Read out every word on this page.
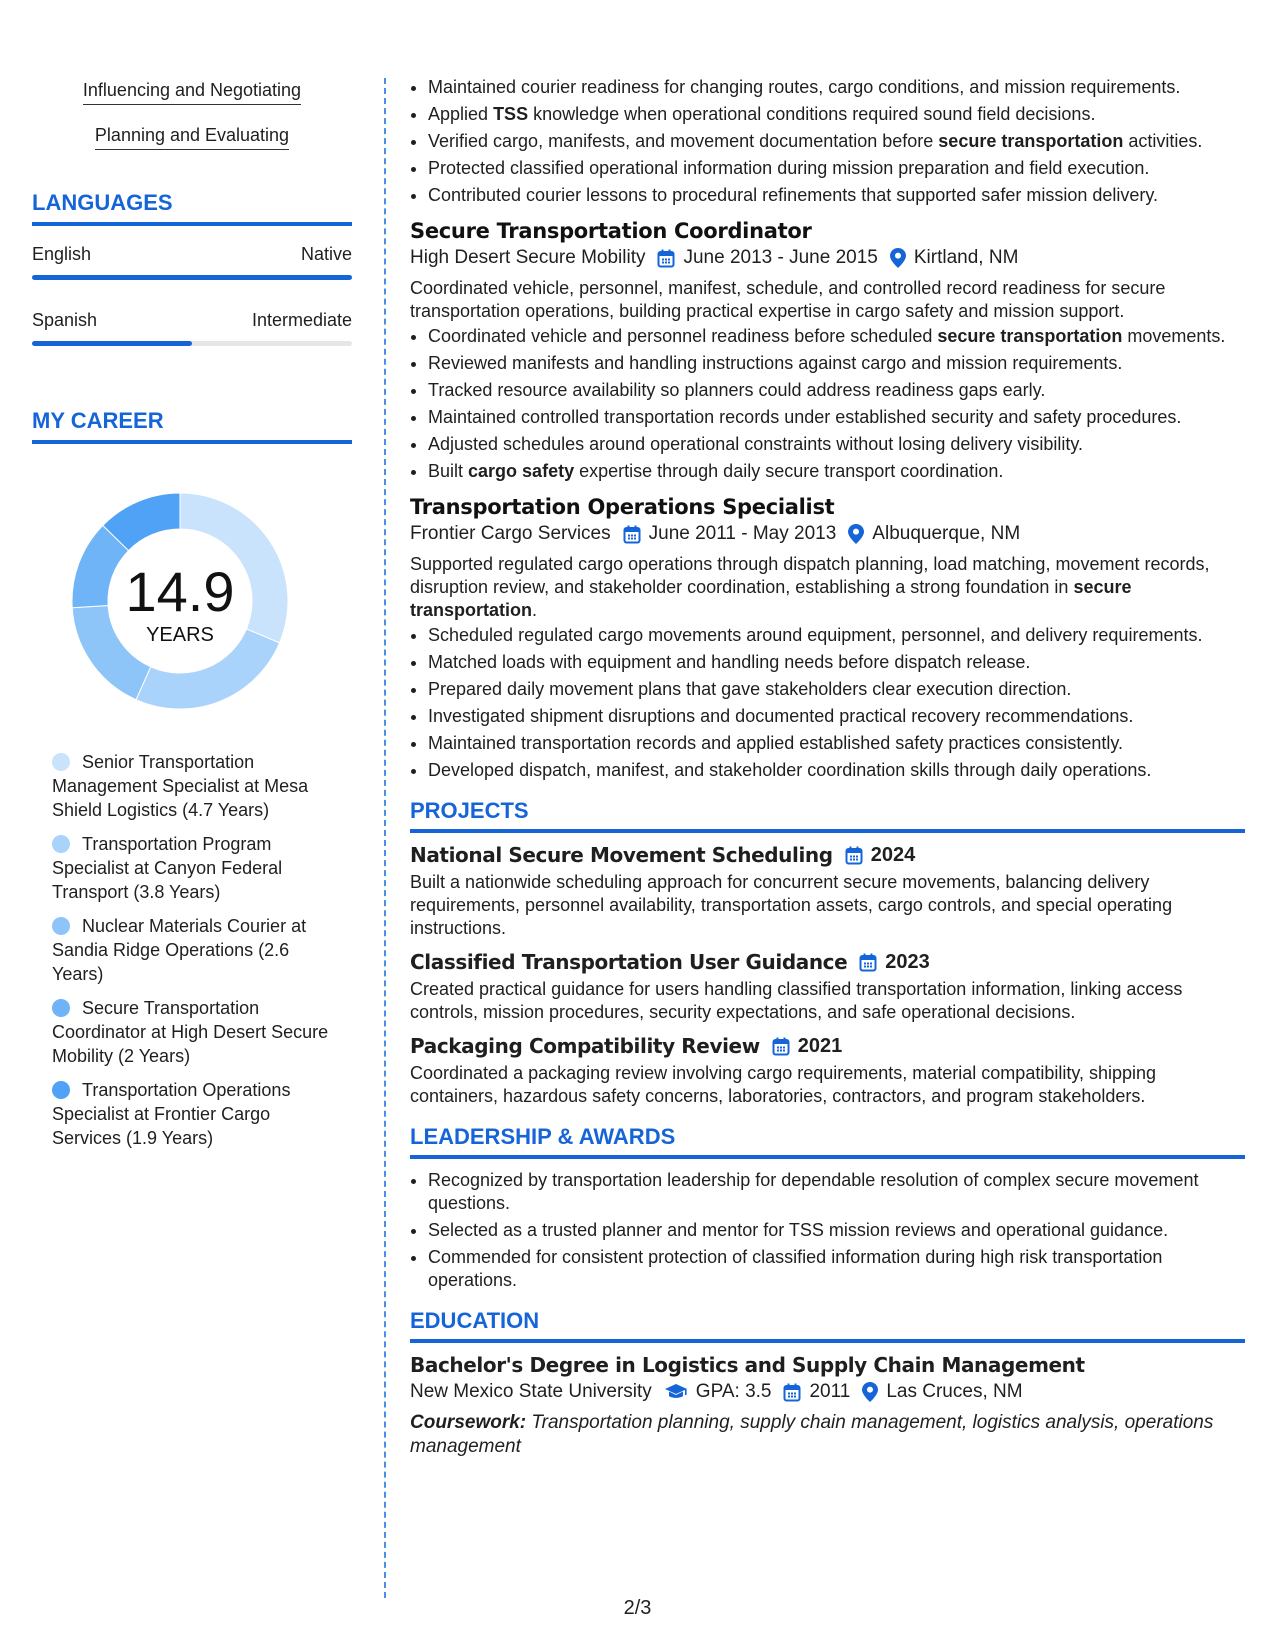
Influencing and Negotiating
Planning and Evaluating
LANGUAGES
English	Native
Spanish	Intermediate
MY CAREER
14.9
YEARS
Senior Transportation Management Specialist at Mesa Shield Logistics (4.7 Years)
Transportation Program Specialist at Canyon Federal Transport (3.8 Years)
Nuclear Materials Courier at Sandia Ridge Operations (2.6 Years)
Secure Transportation Coordinator at High Desert Secure Mobility (2 Years)
Transportation Operations Specialist at Frontier Cargo Services (1.9 Years)
• Maintained courier readiness for changing routes, cargo conditions, and mission requirements.
• Applied TSS knowledge when operational conditions required sound field decisions.
• Verified cargo, manifests, and movement documentation before secure transportation activities.
• Protected classified operational information during mission preparation and field execution.
• Contributed courier lessons to procedural refinements that supported safer mission delivery.
Secure Transportation Coordinator
High Desert Secure Mobility June 2013 - June 2015 Kirtland, NM
Coordinated vehicle, personnel, manifest, schedule, and controlled record readiness for secure transportation operations, building practical expertise in cargo safety and mission support.
• Coordinated vehicle and personnel readiness before scheduled secure transportation movements.
• Reviewed manifests and handling instructions against cargo and mission requirements.
• Tracked resource availability so planners could address readiness gaps early.
• Maintained controlled transportation records under established security and safety procedures.
• Adjusted schedules around operational constraints without losing delivery visibility.
• Built cargo safety expertise through daily secure transport coordination.
Transportation Operations Specialist
Frontier Cargo Services June 2011 - May 2013 Albuquerque, NM
Supported regulated cargo operations through dispatch planning, load matching, movement records, disruption review, and stakeholder coordination, establishing a strong foundation in secure transportation.
• Scheduled regulated cargo movements around equipment, personnel, and delivery requirements.
• Matched loads with equipment and handling needs before dispatch release.
• Prepared daily movement plans that gave stakeholders clear execution direction.
• Investigated shipment disruptions and documented practical recovery recommendations.
• Maintained transportation records and applied established safety practices consistently.
• Developed dispatch, manifest, and stakeholder coordination skills through daily operations.
PROJECTS
National Secure Movement Scheduling 2024
Built a nationwide scheduling approach for concurrent secure movements, balancing delivery requirements, personnel availability, transportation assets, cargo controls, and special operating instructions.
Classified Transportation User Guidance 2023
Created practical guidance for users handling classified transportation information, linking access controls, mission procedures, security expectations, and safe operational decisions.
Packaging Compatibility Review 2021
Coordinated a packaging review involving cargo requirements, material compatibility, shipping containers, hazardous safety concerns, laboratories, contractors, and program stakeholders.
LEADERSHIP & AWARDS
• Recognized by transportation leadership for dependable resolution of complex secure movement questions.
• Selected as a trusted planner and mentor for TSS mission reviews and operational guidance.
• Commended for consistent protection of classified information during high risk transportation operations.
EDUCATION
Bachelor's Degree in Logistics and Supply Chain Management
New Mexico State University GPA: 3.5 2011 Las Cruces, NM
Coursework: Transportation planning, supply chain management, logistics analysis, operations management
2/3
